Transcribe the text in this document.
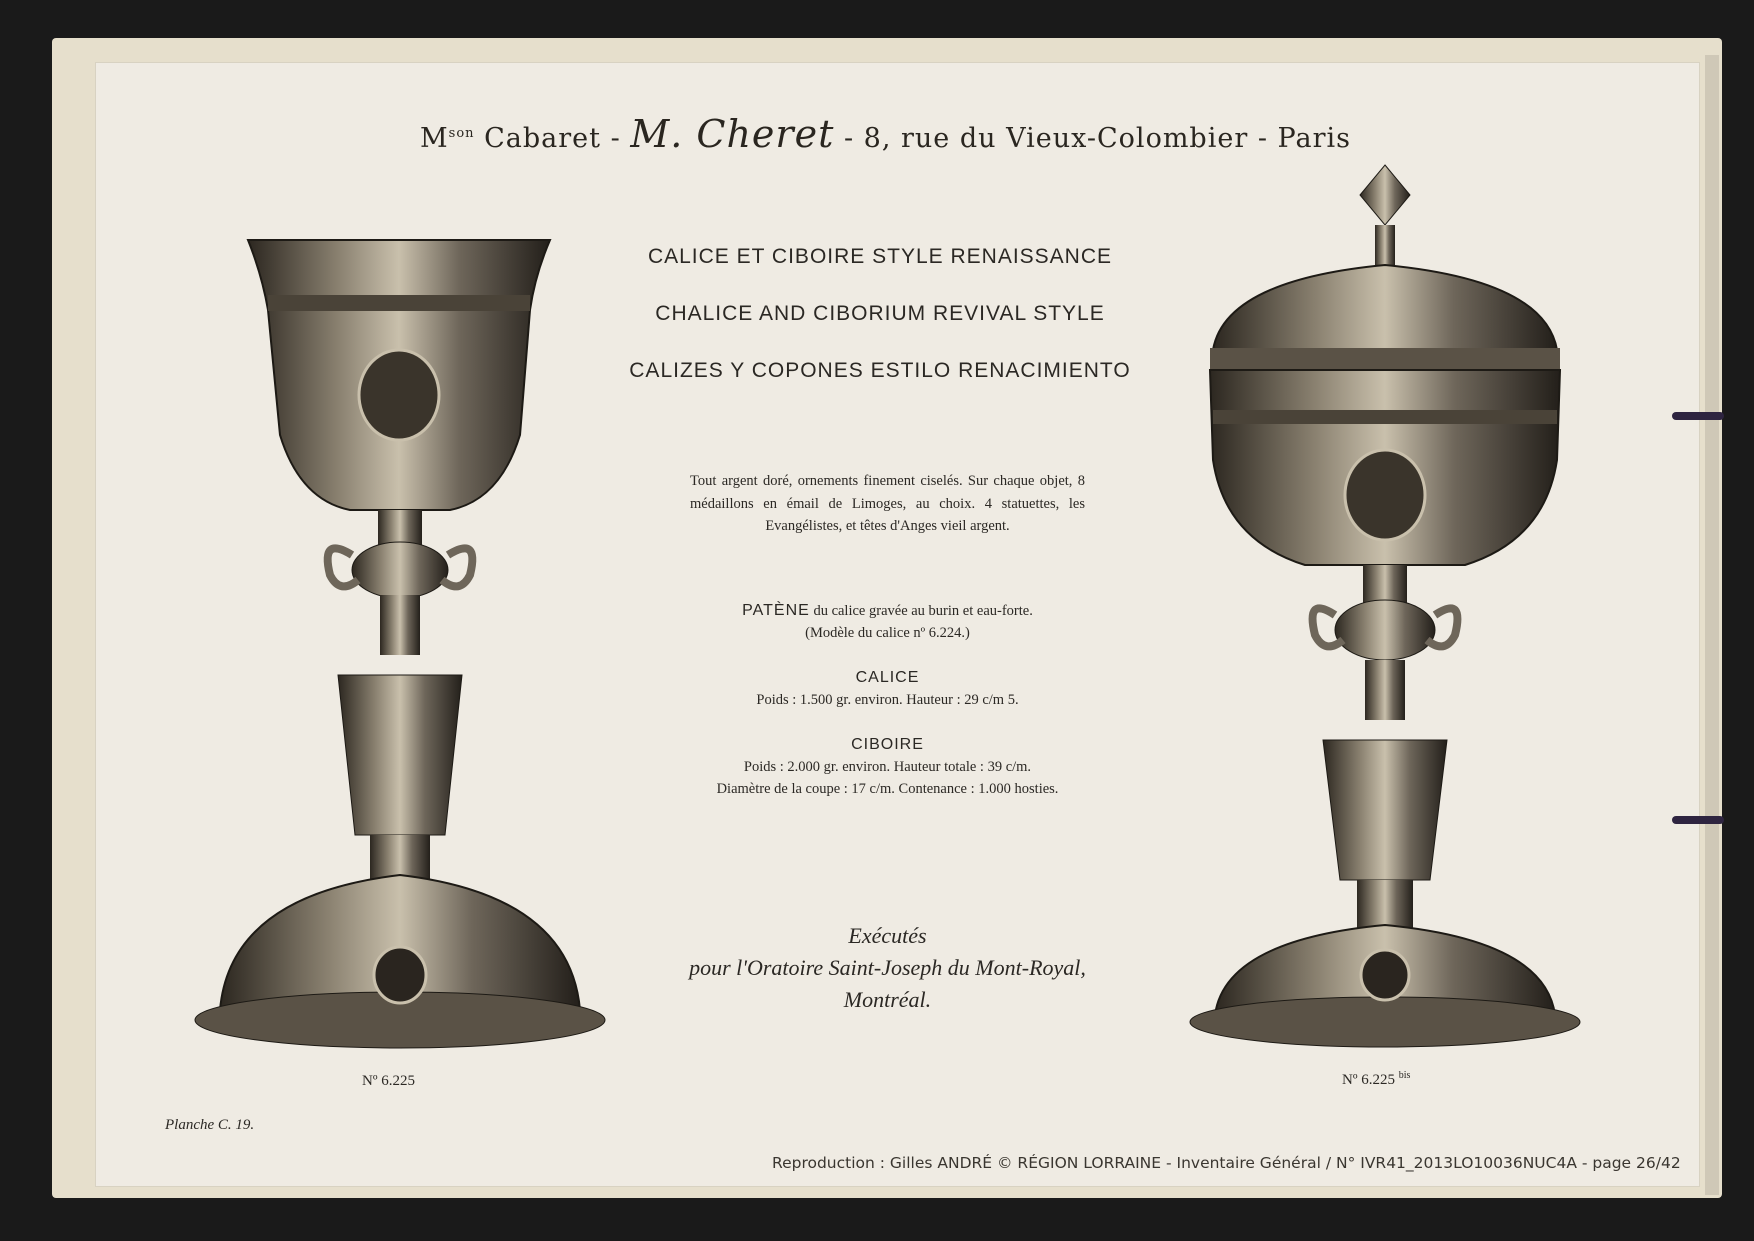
$M^{son}$ Cabaret - M. Cheret - 8, rue du Vieux-Colombier - Paris
CALICE ET CIBOIRE STYLE RENAISSANCE
CHALICE AND CIBORIUM REVIVAL STYLE
CALIZES Y COPONES ESTILO RENACIMIENTO
Tout argent doré, ornements finement ciselés. Sur chaque objet, 8 médaillons en émail de Limoges, au choix. 4 statuettes, les Evangélistes, et têtes d'Anges vieil argent.
PATÈNE du calice gravée au burin et eau-forte.
(Modèle du calice nº 6.224.)
CALICE
Poids : 1.500 gr. environ. Hauteur : 29 c/m 5.
CIBOIRE
Poids : 2.000 gr. environ. Hauteur totale : 39 c/m.
Diamètre de la coupe : 17 c/m. Contenance : 1.000 hosties.
Exécutés
pour l'Oratoire Saint-Joseph du Mont-Royal,
Montréal.
Nº 6.225	Nº 6.225 $^{bis}$
Planche C. 19.
Reproduction : Gilles ANDRÉ © RÉGION LORRAINE - Inventaire Général / N° IVR41_2013LO10036NUC4A - page 26/42
